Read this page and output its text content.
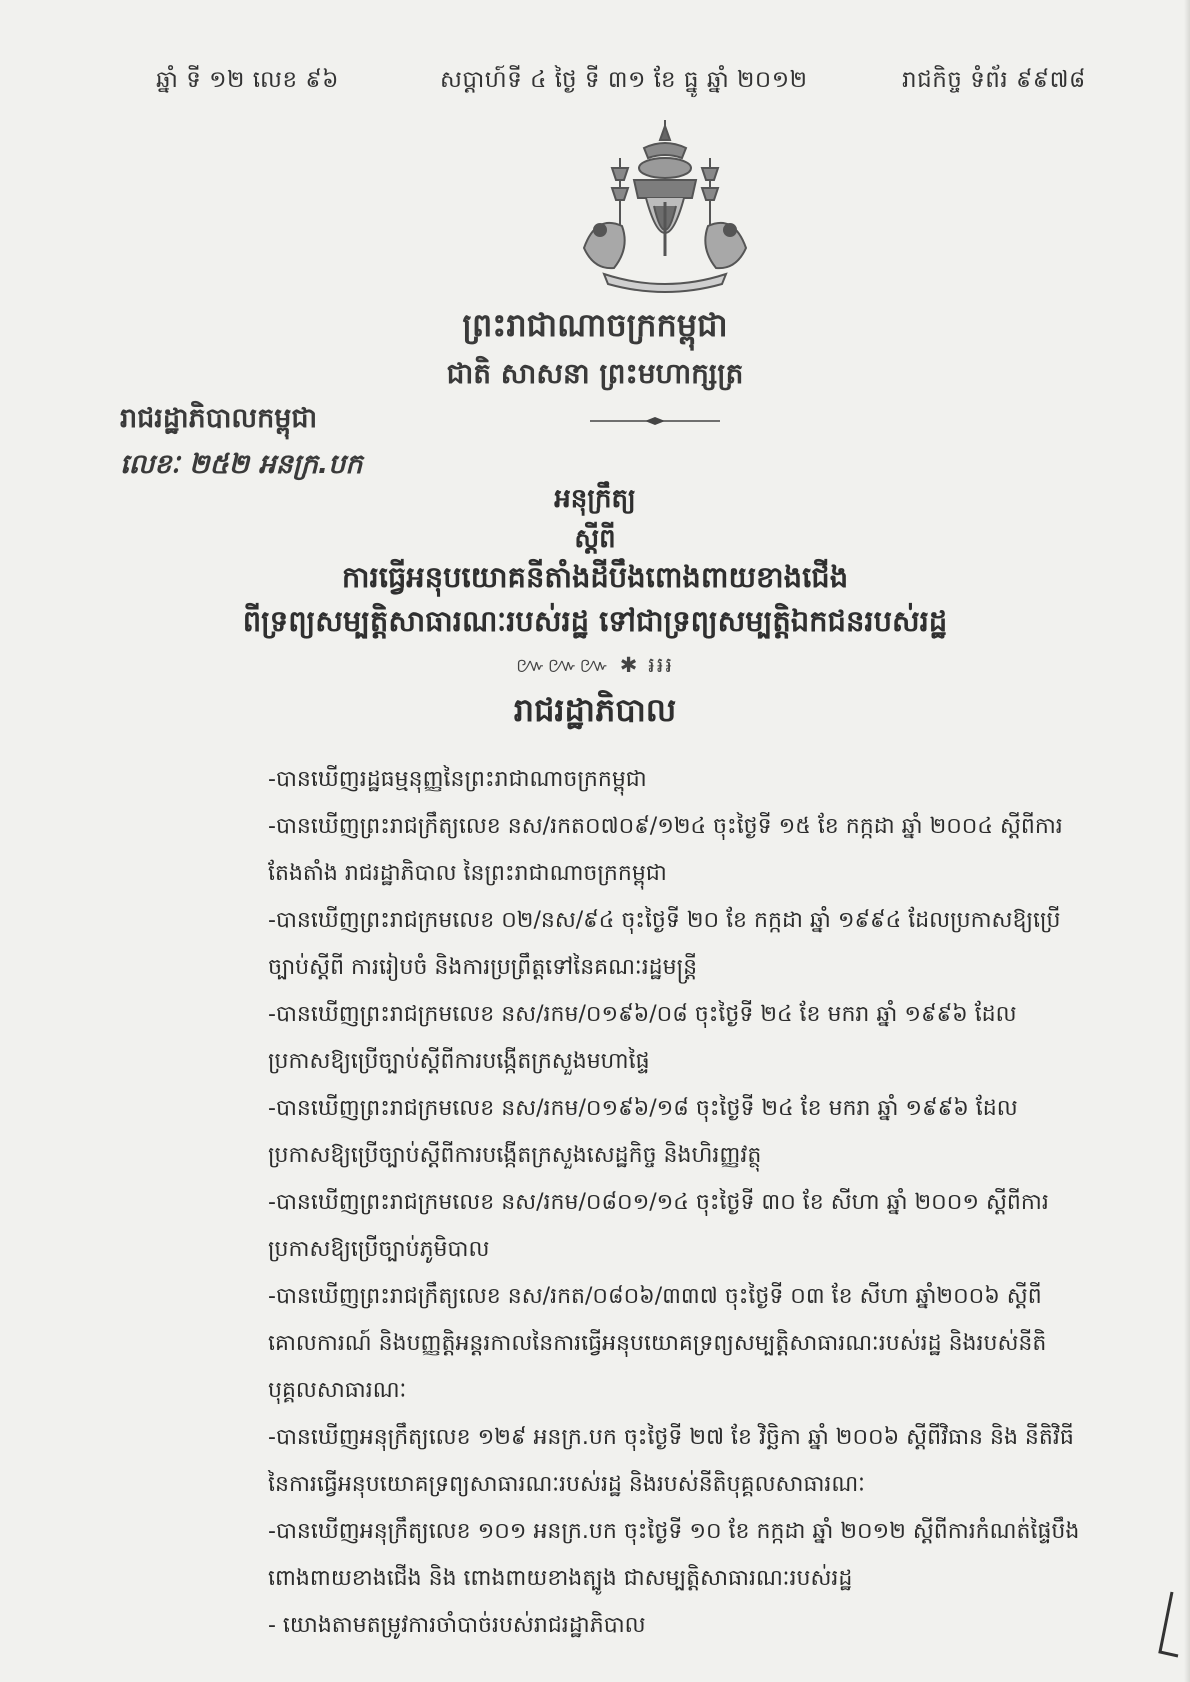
ឆ្នាំ ទី ១២ លេខ ៩៦	សប្តាហ៍ទី ៤ ថ្ងៃ ទី ៣១ ខែ ធ្នូ ឆ្នាំ ២០១២	រាជកិច្ច ទំព័រ ៩៩៧៨
ព្រះរាជាណាចក្រកម្ពុជា
ជាតិ សាសនា ព្រះមហាក្សត្រ
រាជរដ្ឋាភិបាលកម្ពុជា
លេខៈ ២៥២ អនក្រ.បក
អនុក្រឹត្យ
ស្តីពី
ការធ្វើអនុបយោគនីតាំងដីបឹងពោងពាយខាងជើង
ពីទ្រព្យសម្បត្តិសាធារណៈរបស់រដ្ឋ ទៅជាទ្រព្យសម្បត្តិឯកជនរបស់រដ្ឋ
៚៚៚ ✱ ៛៛៛
រាជរដ្ឋាភិបាល

-បានឃើញរដ្ឋធម្មនុញ្ញនៃព្រះរាជាណាចក្រកម្ពុជា

-បានឃើញព្រះរាជក្រឹត្យលេខ នស/រកត០៧០៩/១២៤ ចុះថ្ងៃទី ១៥ ខែ កក្កដា ឆ្នាំ ២០០៤ ស្តីពីការតែងតាំង រាជរដ្ឋាភិបាល នៃព្រះរាជាណាចក្រកម្ពុជា

-បានឃើញព្រះរាជក្រមលេខ ០២/នស/៩៤ ចុះថ្ងៃទី ២០ ខែ កក្កដា ឆ្នាំ ១៩៩៤ ដែលប្រកាសឱ្យប្រើច្បាប់ស្តីពី ការរៀបចំ និងការប្រព្រឹត្តទៅនៃគណៈរដ្ឋមន្ត្រី

-បានឃើញព្រះរាជក្រមលេខ នស/រកម/០១៩៦/០៨ ចុះថ្ងៃទី ២៤ ខែ មករា ឆ្នាំ ១៩៩៦ ដែលប្រកាសឱ្យប្រើច្បាប់ស្តីពីការបង្កើតក្រសួងមហាផ្ទៃ

-បានឃើញព្រះរាជក្រមលេខ នស/រកម/០១៩៦/១៨ ចុះថ្ងៃទី ២៤ ខែ មករា ឆ្នាំ ១៩៩៦ ដែលប្រកាសឱ្យប្រើច្បាប់ស្តីពីការបង្កើតក្រសួងសេដ្ឋកិច្ច និងហិរញ្ញវត្ថុ

-បានឃើញព្រះរាជក្រមលេខ នស/រកម/០៨០១/១៤ ចុះថ្ងៃទី ៣០ ខែ សីហា ឆ្នាំ ២០០១ ស្តីពីការប្រកាសឱ្យប្រើច្បាប់ភូមិបាល

-បានឃើញព្រះរាជក្រឹត្យលេខ នស/រកត/០៨០៦/៣៣៧ ចុះថ្ងៃទី ០៣ ខែ សីហា ឆ្នាំ២០០៦ ស្តីពីគោលការណ៍ និងបញ្ញត្តិអន្តរកាលនៃការធ្វើអនុបយោគទ្រព្យសម្បត្តិសាធារណៈរបស់រដ្ឋ និងរបស់នីតិបុគ្គលសាធារណៈ

-បានឃើញអនុក្រឹត្យលេខ ១២៩ អនក្រ.បក ចុះថ្ងៃទី ២៧ ខែ វិច្ឆិកា ឆ្នាំ ២០០៦ ស្តីពីវិធាន និង នីតិវិធីនៃការធ្វើអនុបយោគទ្រព្យសាធារណៈរបស់រដ្ឋ និងរបស់នីតិបុគ្គលសាធារណៈ

-បានឃើញអនុក្រឹត្យលេខ ១០១ អនក្រ.បក ចុះថ្ងៃទី ១០ ខែ កក្កដា ឆ្នាំ ២០១២ ស្តីពីការកំណត់ផ្ទៃបឹងពោងពាយខាងជើង និង ពោងពាយខាងត្បូង ជាសម្បត្តិសាធារណៈរបស់រដ្ឋ

- យោងតាមតម្រូវការចាំបាច់របស់រាជរដ្ឋាភិបាល
